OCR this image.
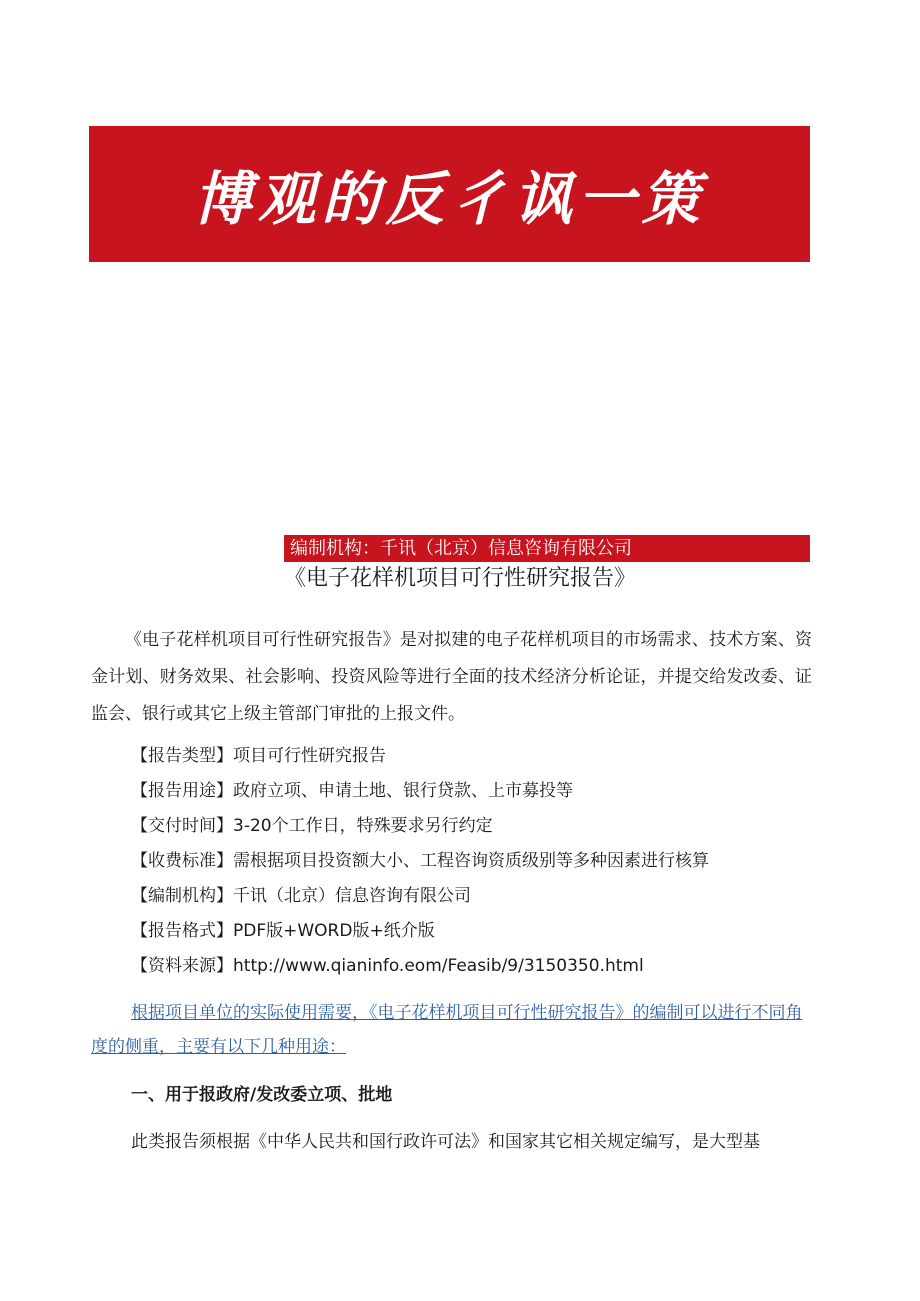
博观的反彳讽一策
编制机构：千讯（北京）信息咨询有限公司
《电子花样机项目可行性研究报告》

《电子花样机项目可行性研究报告》是对拟建的电子花样机项目的市场需求、技术方案、资金计划、财务效果、社会影响、投资风险等进行全面的技术经济分析论证，并提交给发改委、证监会、银行或其它上级主管部门审批的上报文件。

【报告类型】项目可行性研究报告
【报告用途】政府立项、申请土地、银行贷款、上市募投等
【交付时间】3-20个工作日，特殊要求另行约定
【收费标准】需根据项目投资额大小、工程咨询资质级别等多种因素进行核算
【编制机构】千讯（北京）信息咨询有限公司
【报告格式】PDF版+WORD版+纸介版
【资料来源】http://www.qianinfo.eom/Feasib/9/3150350.html

根据项目单位的实际使用需要，《电子花样机项目可行性研究报告》的编制可以进行不同角度的侧重，主要有以下几种用途：

一、用于报政府/发改委立项、批地

此类报告须根据《中华人民共和国行政许可法》和国家其它相关规定编写，是大型基
